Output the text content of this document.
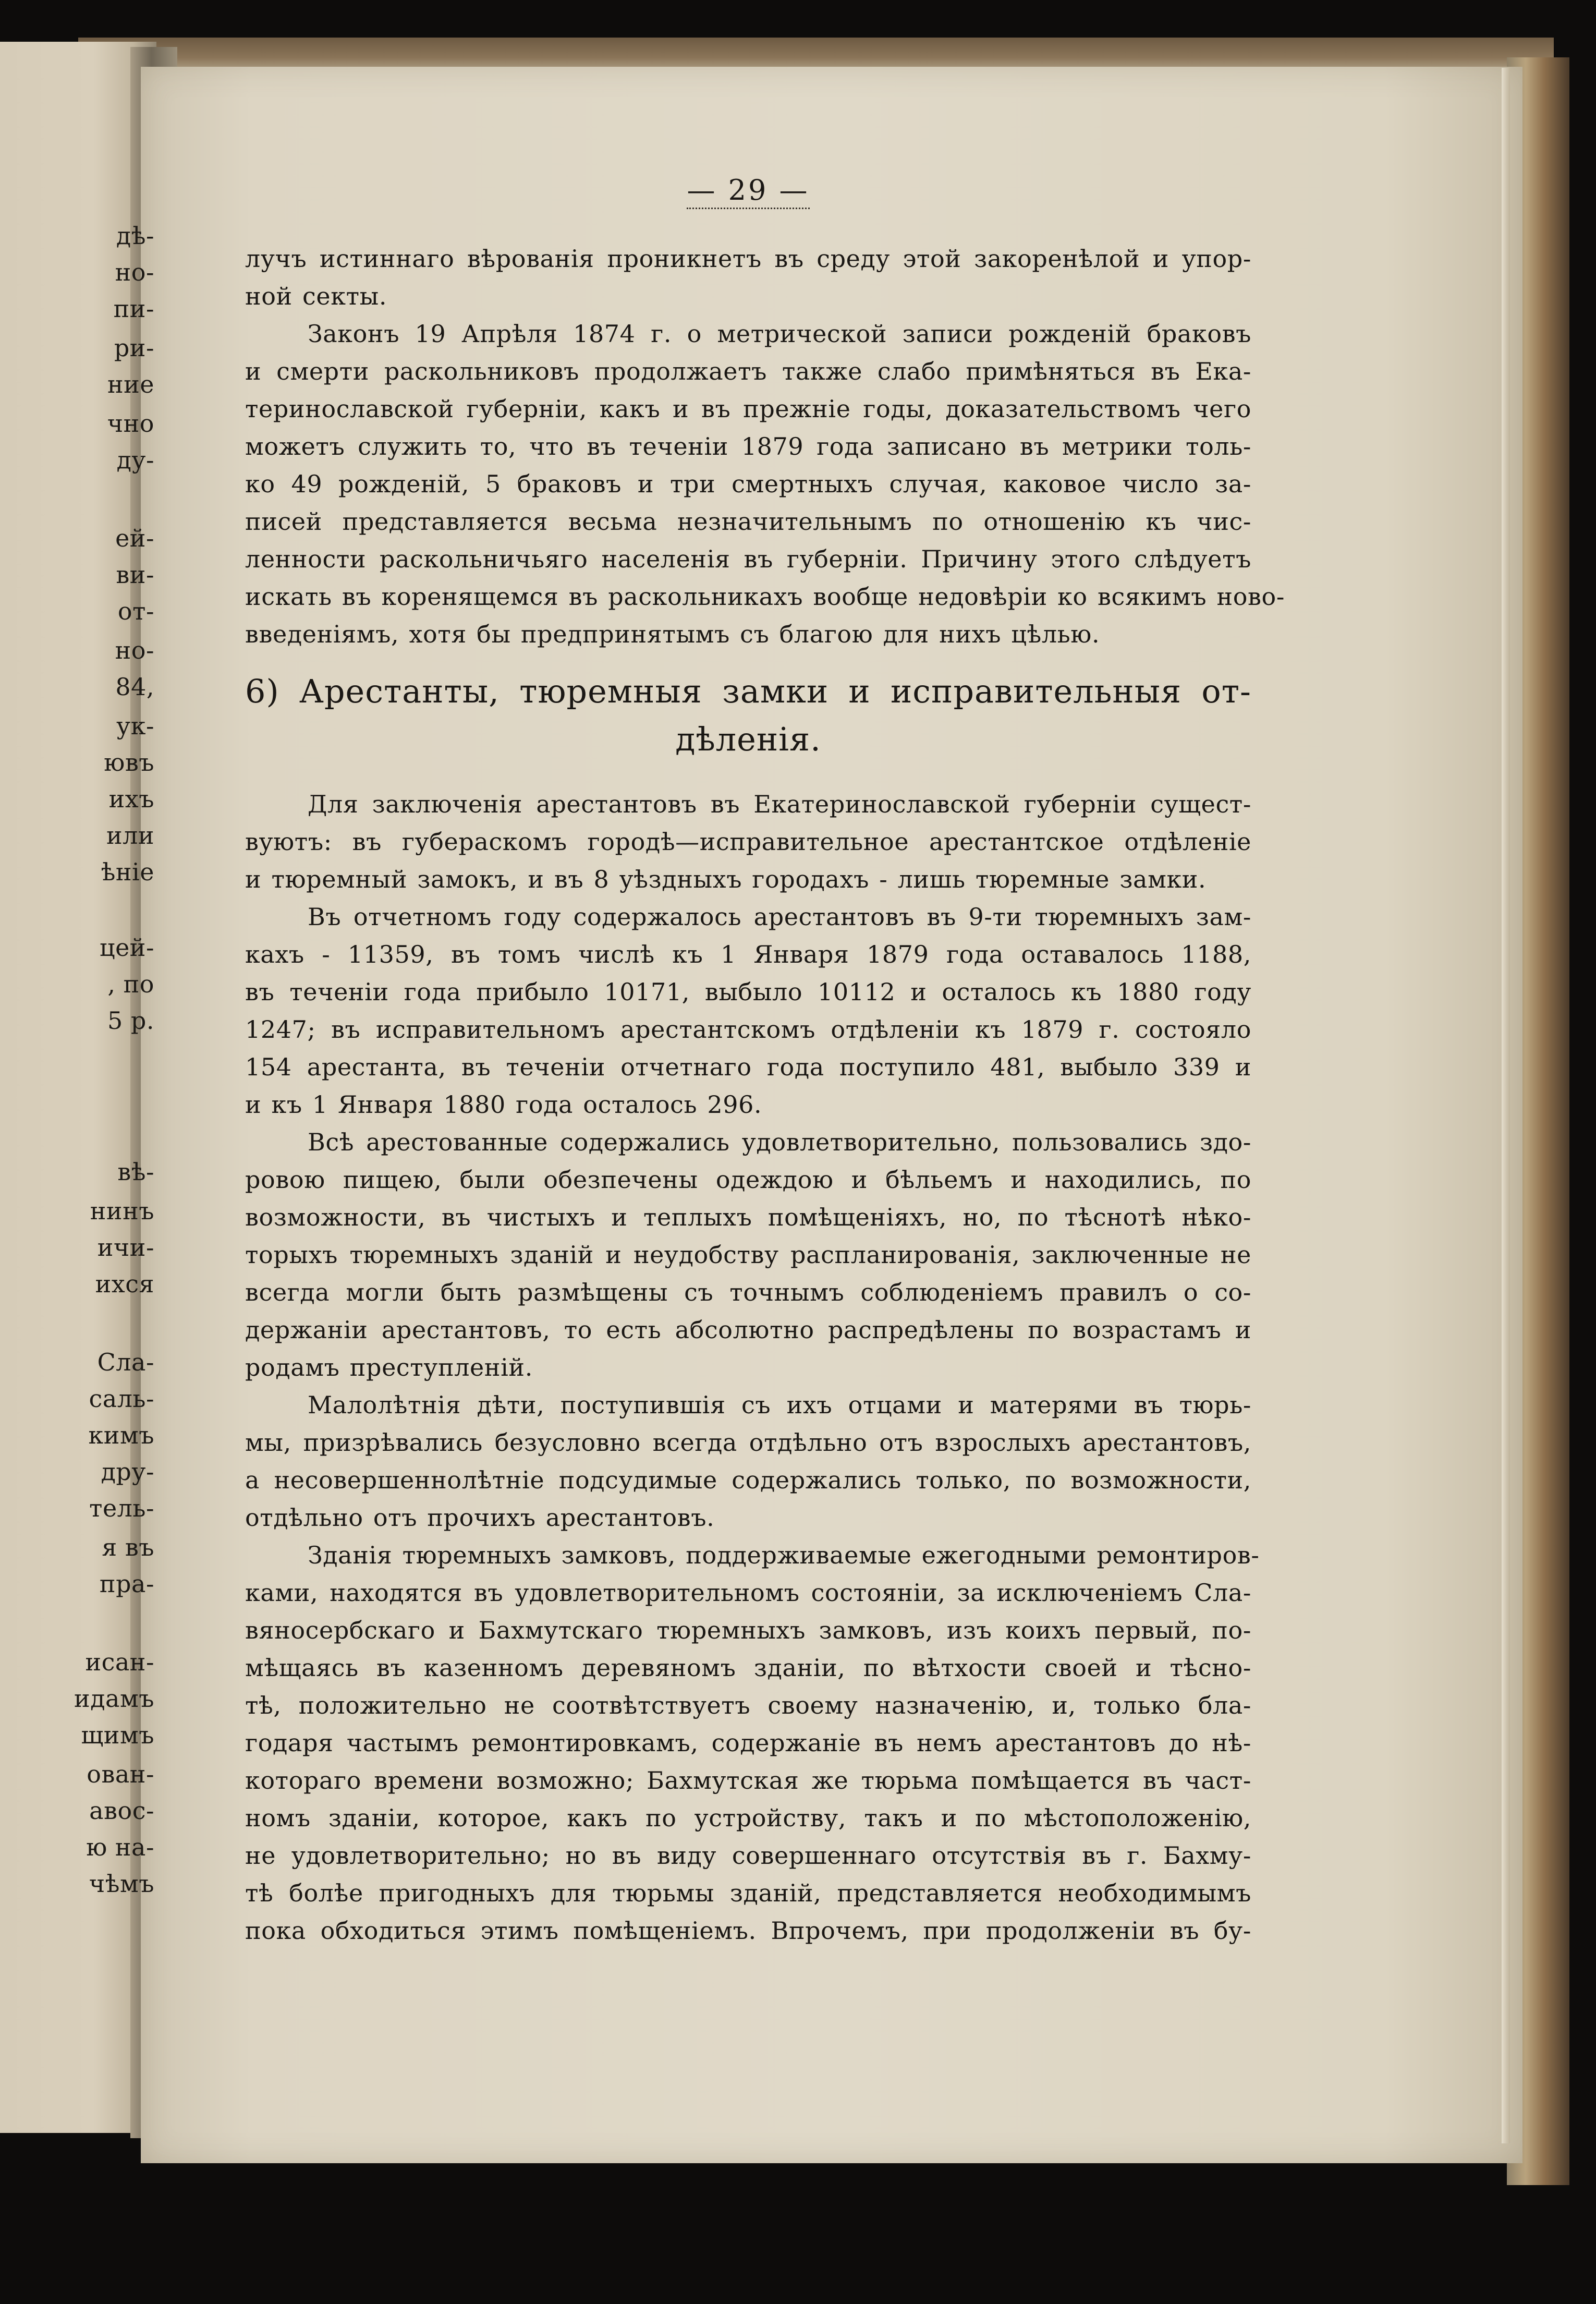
дѣ-
но-
пи-
ри-
ние
чно
ду-
ей-
ви-
от-
но-
84,
ук-
ювъ
ихъ
или
ѣніе
цей-
, по
5 р.
вѣ-
нинъ
ичи-
ихся
Сла-
саль-
кимъ
дру-
тель-
я въ
пра-
исан-
идамъ
щимъ
ован-
авос-
ю на-
чѣмъ
— 29 —
лучъ истиннаго вѣрованія проникнетъ въ среду этой закоренѣлой и упор-
ной секты.
Законъ 19 Апрѣля 1874 г. о метрической записи рожденій браковъ
и смерти раскольниковъ продолжаетъ также слабо примѣняться въ Ека-
теринославской губерніи, какъ и въ прежніе годы, доказательствомъ чего
можетъ служить то, что въ теченіи 1879 года записано въ метрики толь-
ко 49 рожденій, 5 браковъ и три смертныхъ случая, каковое число за-
писей представляется весьма незначительнымъ по отношенію къ чис-
ленности раскольничьяго населенія въ губерніи. Причину этого слѣдуетъ
искать въ коренящемся въ раскольникахъ вообще недовѣріи ко всякимъ ново-
введеніямъ, хотя бы предпринятымъ съ благою для нихъ цѣлью.
6) Арестанты, тюремныя замки и исправительныя от-
дѣленія.
Для заключенія арестантовъ въ Екатеринославской губерніи сущест-
вуютъ: въ губерaскомъ городѣ—исправительное арестантское отдѣленіе
и тюремный замокъ, и въ 8 уѣздныхъ городахъ - лишь тюремные замки.
Въ отчетномъ году содержалось арестантовъ въ 9-ти тюремныхъ зам-
кахъ - 11359, въ томъ числѣ къ 1 Января 1879 года оставалось 1188,
въ теченіи года прибыло 10171, выбыло 10112 и осталось къ 1880 году
1247; въ исправительномъ арестантскомъ отдѣленіи къ 1879 г. состояло
154 арестанта, въ теченіи отчетнаго года поступило 481, выбыло 339 и
и къ 1 Января 1880 года осталось 296.
Всѣ арестованные содержались удовлетворительно, пользовались здо-
ровою пищею, были обезпечены одеждою и бѣльемъ и находились, по
возможности, въ чистыхъ и теплыхъ помѣщеніяхъ, но, по тѣснотѣ нѣко-
торыхъ тюремныхъ зданій и неудобству распланированія, заключенные не
всегда могли быть размѣщены съ точнымъ соблюденіемъ правилъ о со-
держаніи арестантовъ, то есть абсолютно распредѣлены по возрастамъ и
родамъ преступленій.
Малолѣтнія дѣти, поступившія съ ихъ отцами и матерями въ тюрь-
мы, призрѣвались безусловно всегда отдѣльно отъ взрослыхъ арестантовъ,
а несовершеннолѣтніе подсудимые содержались только, по возможности,
отдѣльно отъ прочихъ арестантовъ.
Зданія тюремныхъ замковъ, поддерживаемые ежегодными ремонтиров-
ками, находятся въ удовлетворительномъ состояніи, за исключеніемъ Сла-
вяносербскаго и Бахмутскаго тюремныхъ замковъ, изъ коихъ первый, по-
мѣщаясь въ казенномъ деревяномъ зданіи, по вѣтхости своей и тѣсно-
тѣ, положительно не соотвѣтствуетъ своему назначенію, и, только бла-
годаря частымъ ремонтировкамъ, содержаніе въ немъ арестантовъ до нѣ-
котораго времени возможно; Бахмутская же тюрьма помѣщается въ част-
номъ зданіи, которое, какъ по устройству, такъ и по мѣстоположенію,
не удовлетворительно; но въ виду совершеннаго отсутствія въ г. Бахму-
тѣ болѣе пригодныхъ для тюрьмы зданій, представляется необходимымъ
пока обходиться этимъ помѣщеніемъ. Впрочемъ, при продолженіи въ бу-
